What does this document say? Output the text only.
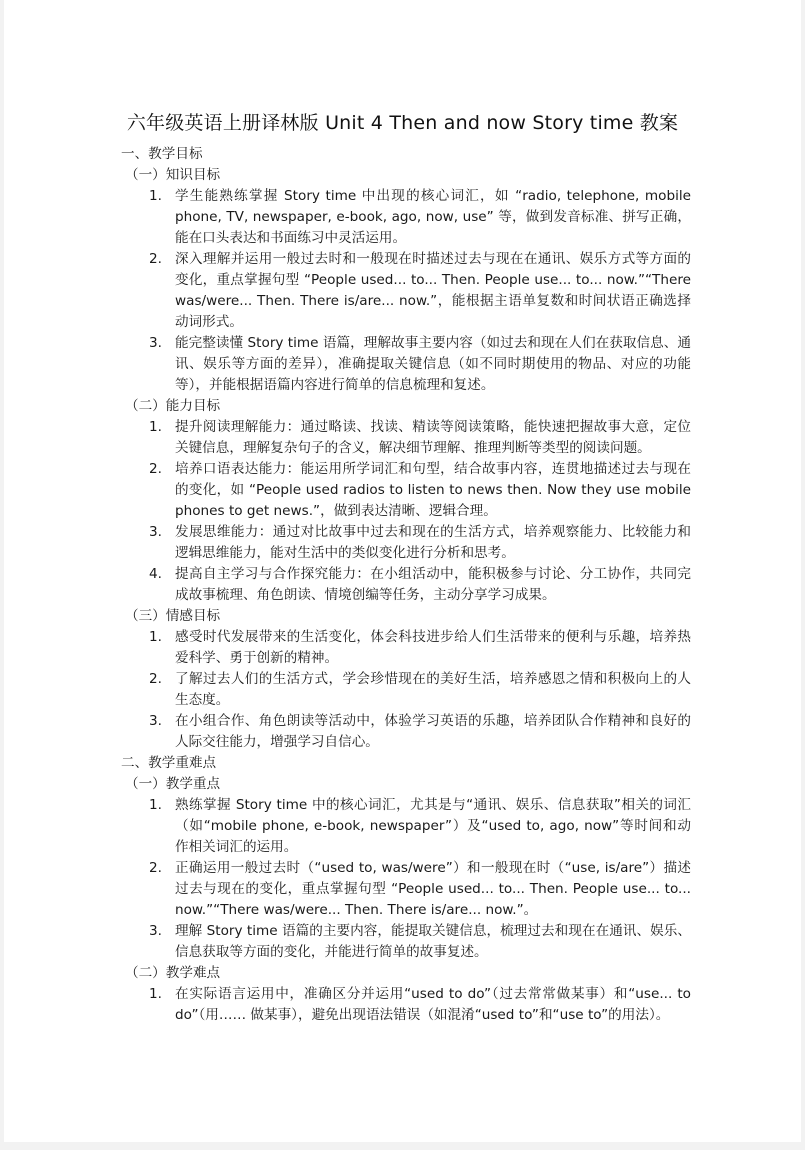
六年级英语上册译林版 Unit 4 Then and now Story time 教案

一、教学目标

（一）知识目标

1. 学生能熟练掌握 Story time 中出现的核心词汇，如 “radio, telephone, mobile phone, TV, newspaper, e-book, ago, now, use” 等，做到发音标准、拼写正确，能在口头表达和书面练习中灵活运用。
2. 深入理解并运用一般过去时和一般现在时描述过去与现在在通讯、娱乐方式等方面的变化，重点掌握句型 “People used... to... Then. People use... to... now.”“There was/were... Then. There is/are... now.”，能根据主语单复数和时间状语正确选择动词形式。
3. 能完整读懂 Story time 语篇，理解故事主要内容（如过去和现在人们在获取信息、通讯、娱乐等方面的差异），准确提取关键信息（如不同时期使用的物品、对应的功能等），并能根据语篇内容进行简单的信息梳理和复述。

（二）能力目标

1. 提升阅读理解能力：通过略读、找读、精读等阅读策略，能快速把握故事大意，定位关键信息，理解复杂句子的含义，解决细节理解、推理判断等类型的阅读问题。
2. 培养口语表达能力：能运用所学词汇和句型，结合故事内容，连贯地描述过去与现在的变化，如 “People used radios to listen to news then. Now they use mobile phones to get news.”，做到表达清晰、逻辑合理。
3. 发展思维能力：通过对比故事中过去和现在的生活方式，培养观察能力、比较能力和逻辑思维能力，能对生活中的类似变化进行分析和思考。
4. 提高自主学习与合作探究能力：在小组活动中，能积极参与讨论、分工协作，共同完成故事梳理、角色朗读、情境创编等任务，主动分享学习成果。

（三）情感目标

1. 感受时代发展带来的生活变化，体会科技进步给人们生活带来的便利与乐趣，培养热爱科学、勇于创新的精神。
2. 了解过去人们的生活方式，学会珍惜现在的美好生活，培养感恩之情和积极向上的人生态度。
3. 在小组合作、角色朗读等活动中，体验学习英语的乐趣，培养团队合作精神和良好的人际交往能力，增强学习自信心。

二、教学重难点

（一）教学重点

1. 熟练掌握 Story time 中的核心词汇，尤其是与“通讯、娱乐、信息获取”相关的词汇（如“mobile phone, e-book, newspaper”）及“used to, ago, now”等时间和动作相关词汇的运用。
2. 正确运用一般过去时（“used to, was/were”）和一般现在时（“use, is/are”）描述过去与现在的变化，重点掌握句型 “People used... to... Then. People use... to... now.”“There was/were... Then. There is/are... now.”。
3. 理解 Story time 语篇的主要内容，能提取关键信息，梳理过去和现在在通讯、娱乐、信息获取等方面的变化，并能进行简单的故事复述。

（二）教学难点

1. 在实际语言运用中，准确区分并运用“used to do”（过去常常做某事）和“use... to do”（用…… 做某事），避免出现语法错误（如混淆“used to”和“use to”的用法）。
